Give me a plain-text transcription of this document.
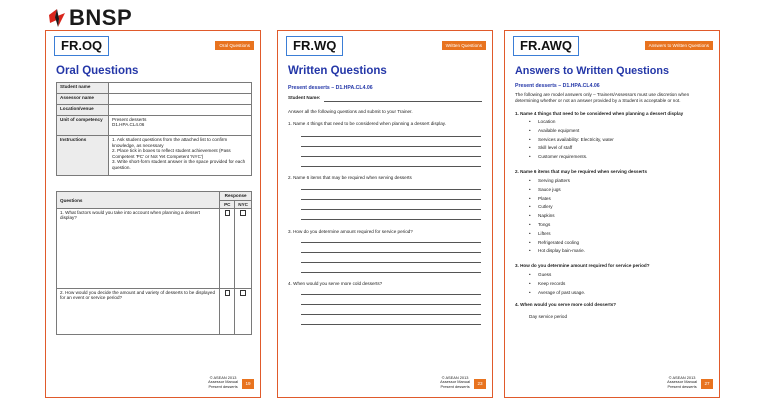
BNSP
FR.OQ	Oral Questions
Oral Questions
Student name	
Assessor name	
Location/venue	
Unit of competency	Present desserts
D1.HPA.CL4.06
Instructions	1. Ask student questions from the attached list to confirm knowledge, as necessary
2. Place tick in boxes to reflect student achievement (Pass Competent 'PC' or Not Yet Competent 'NYC')
3. Write short-form student answer in the space provided for each question.
Questions	Response	
	PC	NYC
1. What factors would you take into account when planning a dessert display?		
2. How would you decide the amount and variety of desserts to be displayed for an event or service period?		
© ASEAN 2013
Assessor Manual
Present desserts
19
FR.WQ	Written Questions
Written Questions
Present desserts – D1.HPA.CL4.06
Student Name:
Answer all the following questions and submit to your Trainer.
1. Name 4 things that need to be considered when planning a dessert display.
2. Name 6 items that may be required when serving desserts
3. How do you determine amount required for service period?
4. When would you serve more cold desserts?
© ASEAN 2013
Assessor Manual
Present desserts
23
FR.AWQ	Answers to Written Questions
Answers to Written Questions
Present desserts – D1.HPA.CL4.06
The following are model answers only – Trainers/Assessors must use discretion when determining whether or not an answer provided by a Student is acceptable or not.
1. Name 4 things that need to be considered when planning a dessert display
• Location
• Available equipment
• Services availability: Electricity, water
• Skill level of staff
• Customer requirements.
2. Name 6 items that may be required when serving desserts
• Serving platters
• Sauce jugs
• Plates
• Cutlery
• Napkins
• Tongs
• Lifters
• Refrigerated cooling
• Hot display bain-marie.
3. How do you determine amount required for service period?
• Guess
• Keep records
• Average of past usage.
4. When would you serve more cold desserts?
Day service period
© ASEAN 2013
Assessor Manual
Present desserts
27
